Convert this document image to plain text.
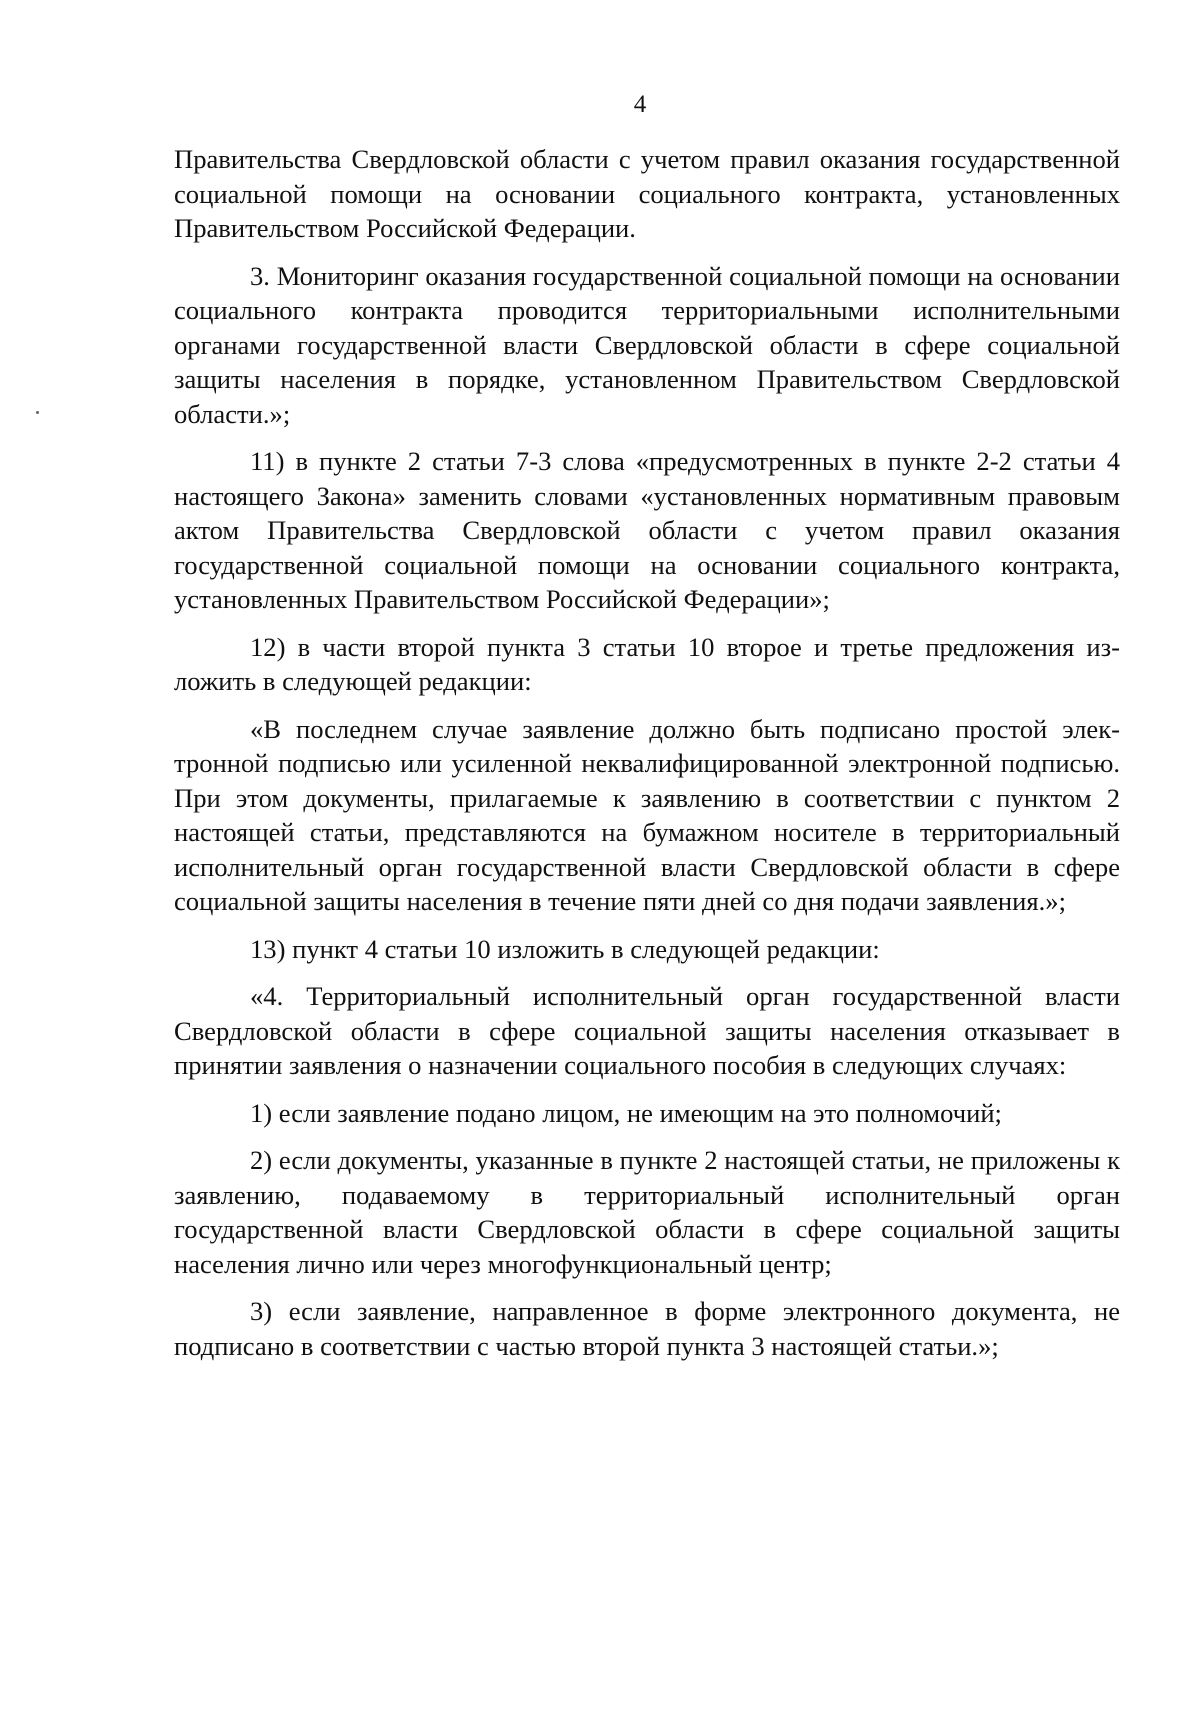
4

Правительства Свердловской области с учетом правил оказания государственной социальной помощи на основании социального контракта, установленных Правительством Российской Федерации.

3. Мониторинг оказания государственной социальной помощи на основании социального контракта проводится территориальными исполнительными органами государственной власти Свердловской области в сфере социальной защиты населения в порядке, установленном Правительством Свердловской области.»;

11) в пункте 2 статьи 7-3 слова «предусмотренных в пункте 2-2 статьи 4 настоящего Закона» заменить словами «установленных нормативным правовым актом Правительства Свердловской области с учетом правил оказания государственной социальной помощи на основании социального контракта, установленных Правительством Российской Федерации»;

12) в части второй пункта 3 статьи 10 второе и третье предложения изложить в следующей редакции:

«В последнем случае заявление должно быть подписано простой электронной подписью или усиленной неквалифицированной электронной подписью. При этом документы, прилагаемые к заявлению в соответствии с пунктом 2 настоящей статьи, представляются на бумажном носителе в территориальный исполнительный орган государственной власти Свердловской области в сфере социальной защиты населения в течение пяти дней со дня подачи заявления.»;

13) пункт 4 статьи 10 изложить в следующей редакции:

«4. Территориальный исполнительный орган государственной власти Свердловской области в сфере социальной защиты населения отказывает в принятии заявления о назначении социального пособия в следующих случаях:

1) если заявление подано лицом, не имеющим на это полномочий;

2) если документы, указанные в пункте 2 настоящей статьи, не приложены к заявлению, подаваемому в территориальный исполнительный орган государственной власти Свердловской области в сфере социальной защиты населения лично или через многофункциональный центр;

3) если заявление, направленное в форме электронного документа, не подписано в соответствии с частью второй пункта 3 настоящей статьи.»;
